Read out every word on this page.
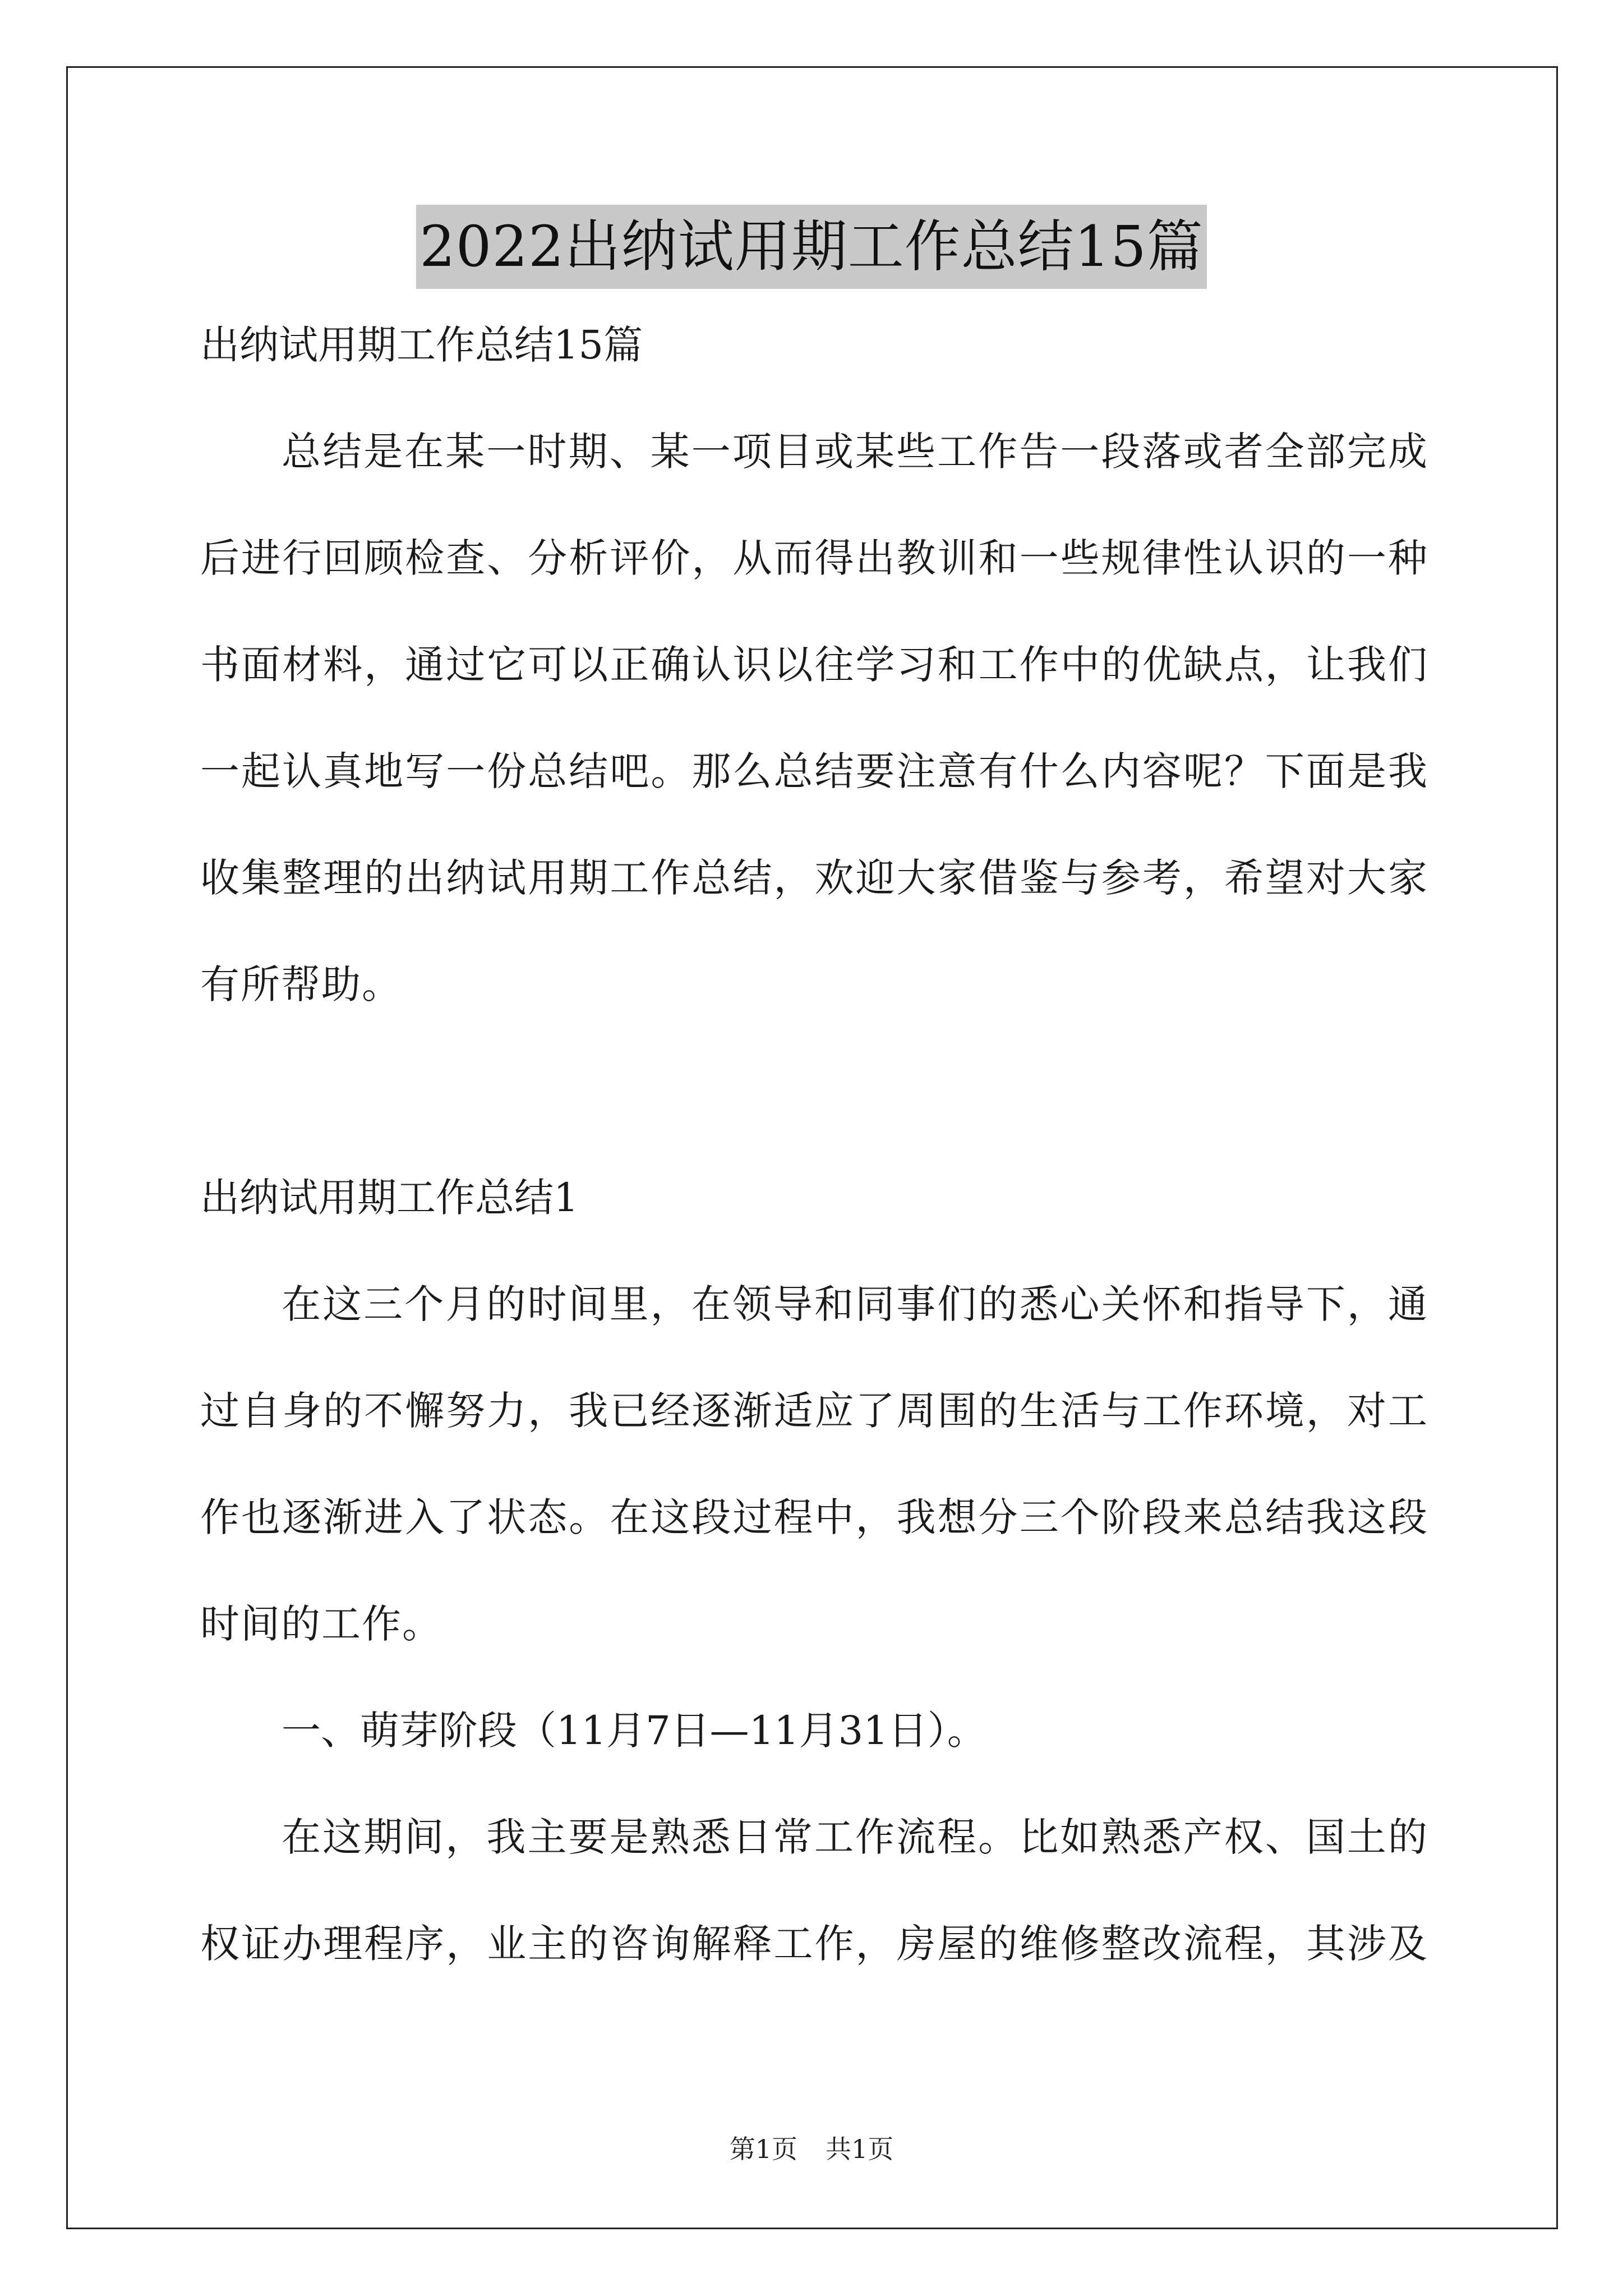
2022出纳试用期工作总结15篇
出纳试用期工作总结15篇
总结是在某一时期、某一项目或某些工作告一段落或者全部完成
后进行回顾检查、分析评价，从而得出教训和一些规律性认识的一种
书面材料，通过它可以正确认识以往学习和工作中的优缺点，让我们
一起认真地写一份总结吧。那么总结要注意有什么内容呢？下面是我
收集整理的出纳试用期工作总结，欢迎大家借鉴与参考，希望对大家
有所帮助。
出纳试用期工作总结1
在这三个月的时间里，在领导和同事们的悉心关怀和指导下，通
过自身的不懈努力，我已经逐渐适应了周围的生活与工作环境，对工
作也逐渐进入了状态。在这段过程中，我想分三个阶段来总结我这段
时间的工作。
一、萌芽阶段（11月7日—11月31日）。
在这期间，我主要是熟悉日常工作流程。比如熟悉产权、国土的
权证办理程序，业主的咨询解释工作，房屋的维修整改流程，其涉及
第1页 共1页
